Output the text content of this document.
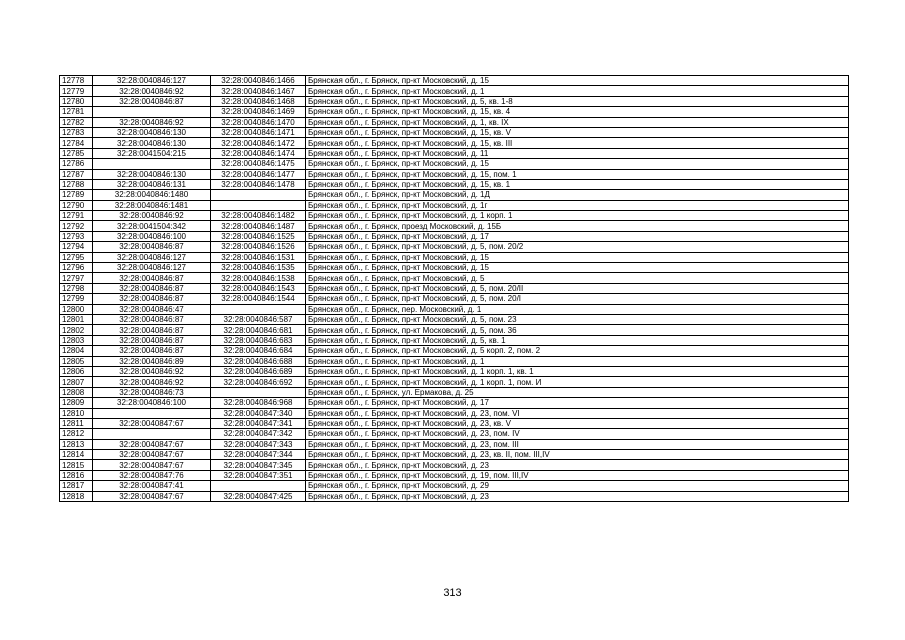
12778	32:28:0040846:127	32:28:0040846:1466	Брянская обл., г. Брянск, пр-кт Московский, д. 15
12779	32:28:0040846:92	32:28:0040846:1467	Брянская обл., г. Брянск, пр-кт Московский, д. 1
12780	32:28:0040846:87	32:28:0040846:1468	Брянская обл., г. Брянск, пр-кт Московский, д. 5, кв. 1-8
12781		32:28:0040846:1469	Брянская обл., г. Брянск, пр-кт Московский, д. 15, кв. 4
12782	32:28:0040846:92	32:28:0040846:1470	Брянская обл., г. Брянск, пр-кт Московский, д. 1, кв. IX
12783	32:28:0040846:130	32:28:0040846:1471	Брянская обл., г. Брянск, пр-кт Московский, д. 15, кв. V
12784	32:28:0040846:130	32:28:0040846:1472	Брянская обл., г. Брянск, пр-кт Московский, д. 15, кв. III
12785	32:28:0041504:215	32:28:0040846:1474	Брянская обл., г. Брянск, пр-кт Московский, д. 11
12786		32:28:0040846:1475	Брянская обл., г. Брянск, пр-кт Московский, д. 15
12787	32:28:0040846:130	32:28:0040846:1477	Брянская обл., г. Брянск, пр-кт Московский, д. 15, пом. 1
12788	32:28:0040846:131	32:28:0040846:1478	Брянская обл., г. Брянск, пр-кт Московский, д. 15, кв. 1
12789	32:28:0040846:1480		Брянская обл., г. Брянск, пр-кт Московский, д. 1Д
12790	32:28:0040846:1481		Брянская обл., г. Брянск, пр-кт Московский, д. 1г
12791	32:28:0040846:92	32:28:0040846:1482	Брянская обл., г. Брянск, пр-кт Московский, д. 1 корп. 1
12792	32:28:0041504:342	32:28:0040846:1487	Брянская обл., г. Брянск, проезд Московский, д. 15Б
12793	32:28:0040846:100	32:28:0040846:1525	Брянская обл., г. Брянск, пр-кт Московский, д. 17
12794	32:28:0040846:87	32:28:0040846:1526	Брянская обл., г. Брянск, пр-кт Московский, д. 5, пом. 20/2
12795	32:28:0040846:127	32:28:0040846:1531	Брянская обл., г. Брянск, пр-кт Московский, д. 15
12796	32:28:0040846:127	32:28:0040846:1535	Брянская обл., г. Брянск, пр-кт Московский, д. 15
12797	32:28:0040846:87	32:28:0040846:1538	Брянская обл., г. Брянск, пр-кт Московский, д. 5
12798	32:28:0040846:87	32:28:0040846:1543	Брянская обл., г. Брянск, пр-кт Московский, д. 5, пом. 20/II
12799	32:28:0040846:87	32:28:0040846:1544	Брянская обл., г. Брянск, пр-кт Московский, д. 5, пом. 20/I
12800	32:28:0040846:47		Брянская обл., г. Брянск, пер. Московский, д. 1
12801	32:28:0040846:87	32:28:0040846:587	Брянская обл., г. Брянск, пр-кт Московский, д. 5, пом. 23
12802	32:28:0040846:87	32:28:0040846:681	Брянская обл., г. Брянск, пр-кт Московский, д. 5, пом. 36
12803	32:28:0040846:87	32:28:0040846:683	Брянская обл., г. Брянск, пр-кт Московский, д. 5, кв. 1
12804	32:28:0040846:87	32:28:0040846:684	Брянская обл., г. Брянск, пр-кт Московский, д. 5 корп. 2, пом. 2
12805	32:28:0040846:89	32:28:0040846:688	Брянская обл., г. Брянск, пр-кт Московский, д. 1
12806	32:28:0040846:92	32:28:0040846:689	Брянская обл., г. Брянск, пр-кт Московский, д. 1 корп. 1, кв. 1
12807	32:28:0040846:92	32:28:0040846:692	Брянская обл., г. Брянск, пр-кт Московский, д. 1 корп. 1, пом. И
12808	32:28:0040846:73		Брянская обл., г. Брянск, ул. Ермакова, д. 25
12809	32:28:0040846:100	32:28:0040846:968	Брянская обл., г. Брянск, пр-кт Московский, д. 17
12810		32:28:0040847:340	Брянская обл., г. Брянск, пр-кт Московский, д. 23, пом. VI
12811	32:28:0040847:67	32:28:0040847:341	Брянская обл., г. Брянск, пр-кт Московский, д. 23, кв. V
12812		32:28:0040847:342	Брянская обл., г. Брянск, пр-кт Московский, д. 23, пом. IV
12813	32:28:0040847:67	32:28:0040847:343	Брянская обл., г. Брянск, пр-кт Московский, д. 23, пом. III
12814	32:28:0040847:67	32:28:0040847:344	Брянская обл., г. Брянск, пр-кт Московский, д. 23, кв. II, пом. III,IV
12815	32:28:0040847:67	32:28:0040847:345	Брянская обл., г. Брянск, пр-кт Московский, д. 23
12816	32:28:0040847:76	32:28:0040847:351	Брянская обл., г. Брянск, пр-кт Московский, д. 19, пом. III,IV
12817	32:28:0040847:41		Брянская обл., г. Брянск, пр-кт Московский, д. 29
12818	32:28:0040847:67	32:28:0040847:425	Брянская обл., г. Брянск, пр-кт Московский, д. 23
313
